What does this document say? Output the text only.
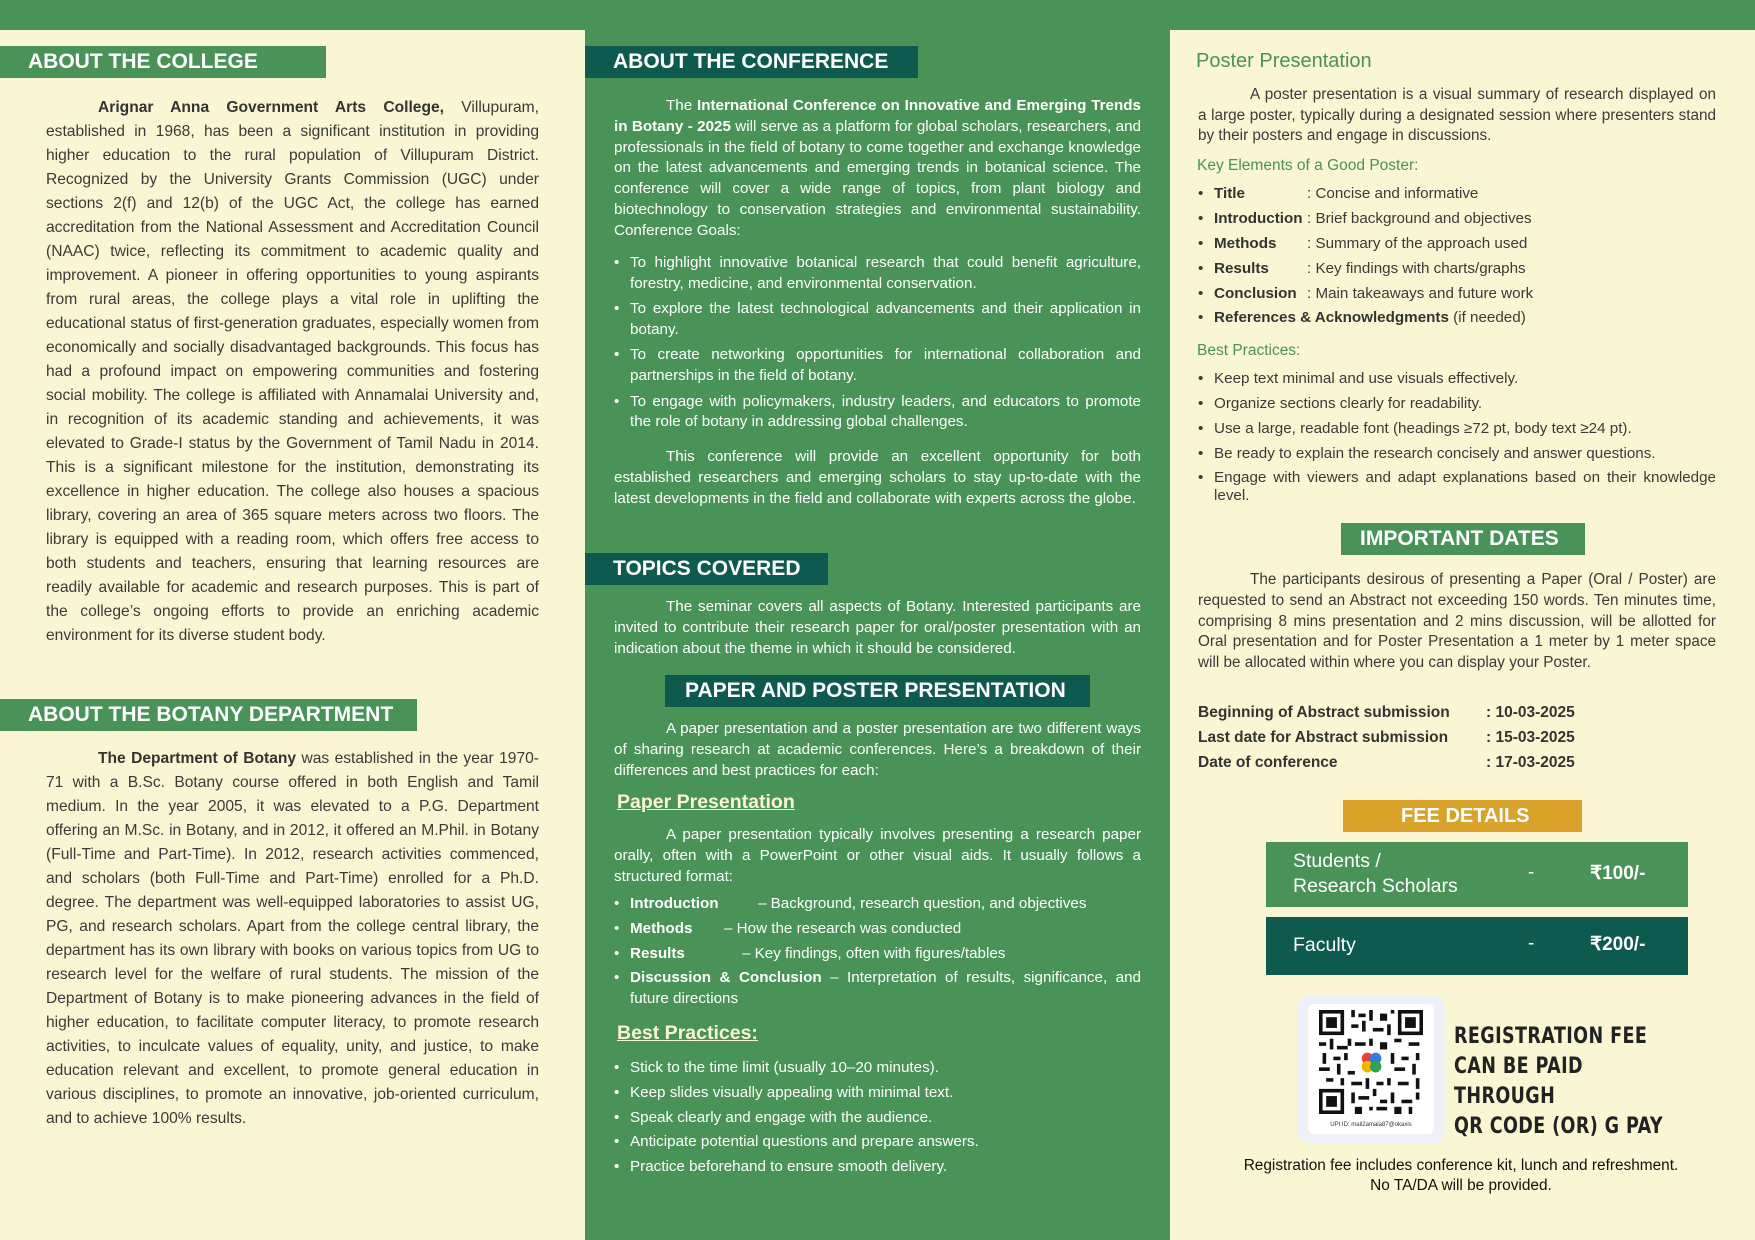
ABOUT THE COLLEGE

Arignar Anna Government Arts College, Villupuram, established in 1968, has been a significant institution in providing higher education to the rural population of Villupuram District. Recognized by the University Grants Commission (UGC) under sections 2(f) and 12(b) of the UGC Act, the college has earned accreditation from the National Assessment and Accreditation Council (NAAC) twice, reflecting its commitment to academic quality and improvement. A pioneer in offering opportunities to young aspirants from rural areas, the college plays a vital role in uplifting the educational status of first-generation graduates, especially women from economically and socially disadvantaged backgrounds. This focus has had a profound impact on empowering communities and fostering social mobility. The college is affiliated with Annamalai University and, in recognition of its academic standing and achievements, it was elevated to Grade-I status by the Government of Tamil Nadu in 2014. This is a significant milestone for the institution, demonstrating its excellence in higher education. The college also houses a spacious library, covering an area of 365 square meters across two floors. The library is equipped with a reading room, which offers free access to both students and teachers, ensuring that learning resources are readily available for academic and research purposes. This is part of the college’s ongoing efforts to provide an enriching academic environment for its diverse student body.

ABOUT THE BOTANY DEPARTMENT

The Department of Botany was established in the year 1970-71 with a B.Sc. Botany course offered in both English and Tamil medium. In the year 2005, it was elevated to a P.G. Department offering an M.Sc. in Botany, and in 2012, it offered an M.Phil. in Botany (Full-Time and Part-Time). In 2012, research activities commenced, and scholars (both Full-Time and Part-Time) enrolled for a Ph.D. degree. The department was well-equipped laboratories to assist UG, PG, and research scholars. Apart from the college central library, the department has its own library with books on various topics from UG to research level for the welfare of rural students. The mission of the Department of Botany is to make pioneering advances in the field of higher education, to facilitate computer literacy, to promote research activities, to inculcate values of equality, unity, and justice, to make education relevant and excellent, to promote general education in various disciplines, to promote an innovative, job-oriented curriculum, and to achieve 100% results.

ABOUT THE CONFERENCE

The International Conference on Innovative and Emerging Trends in Botany - 2025 will serve as a platform for global scholars, researchers, and professionals in the field of botany to come together and exchange knowledge on the latest advancements and emerging trends in botanical science. The conference will cover a wide range of topics, from plant biology and biotechnology to conservation strategies and environmental sustainability. Conference Goals:

• To highlight innovative botanical research that could benefit agriculture, forestry, medicine, and environmental conservation.
• To explore the latest technological advancements and their application in botany.
• To create networking opportunities for international collaboration and partnerships in the field of botany.
• To engage with policymakers, industry leaders, and educators to promote the role of botany in addressing global challenges.

This conference will provide an excellent opportunity for both established researchers and emerging scholars to stay up-to-date with the latest developments in the field and collaborate with experts across the globe.

TOPICS COVERED

The seminar covers all aspects of Botany. Interested participants are invited to contribute their research paper for oral/poster presentation with an indication about the theme in which it should be considered.

PAPER AND POSTER PRESENTATION

A paper presentation and a poster presentation are two different ways of sharing research at academic conferences. Here’s a breakdown of their differences and best practices for each:

Paper Presentation

A paper presentation typically involves presenting a research paper orally, often with a PowerPoint or other visual aids. It usually follows a structured format:

• Introduction	– Background, research question, and objectives
• Methods – How the research was conducted
• Results	– Key findings, often with figures/tables
• Discussion & Conclusion – Interpretation of results, significance, and future directions
Best Practices:
• Stick to the time limit (usually 10–20 minutes).
• Keep slides visually appealing with minimal text.
• Speak clearly and engage with the audience.
• Anticipate potential questions and prepare answers.
• Practice beforehand to ensure smooth delivery.
Poster Presentation

A poster presentation is a visual summary of research displayed on a large poster, typically during a designated session where presenters stand by their posters and engage in discussions.

Key Elements of a Good Poster:
• Title	: Concise and informative
• Introduction : Brief background and objectives
• Methods : Summary of the approach used
• Results	: Key findings with charts/graphs
• Conclusion : Main takeaways and future work
• References & Acknowledgments (if needed)
Best Practices:
• Keep text minimal and use visuals effectively.
• Organize sections clearly for readability.
• Use a large, readable font (headings ≥72 pt, body text ≥24 pt).
• Be ready to explain the research concisely and answer questions.
• Engage with viewers and adapt explanations based on their knowledge level.
IMPORTANT DATES

The participants desirous of presenting a Paper (Oral / Poster) are requested to send an Abstract not exceeding 150 words. Ten minutes time, comprising 8 mins presentation and 2 mins discussion, will be allotted for Oral presentation and for Poster Presentation a 1 meter by 1 meter space will be allocated within where you can display your Poster.

Beginning of Abstract submission : 10-03-2025
Last date for Abstract submission : 15-03-2025
Date of conference	: 17-03-2025
FEE DETAILS
Students /
Research Scholars
-	₹100/-
Faculty	-	₹200/-
UPI ID: mail2amala87@okaxis
REGISTRATION FEE
CAN BE PAID THROUGH
QR CODE (OR) G PAY
Registration fee includes conference kit, lunch and refreshment. No TA/DA will be provided.
